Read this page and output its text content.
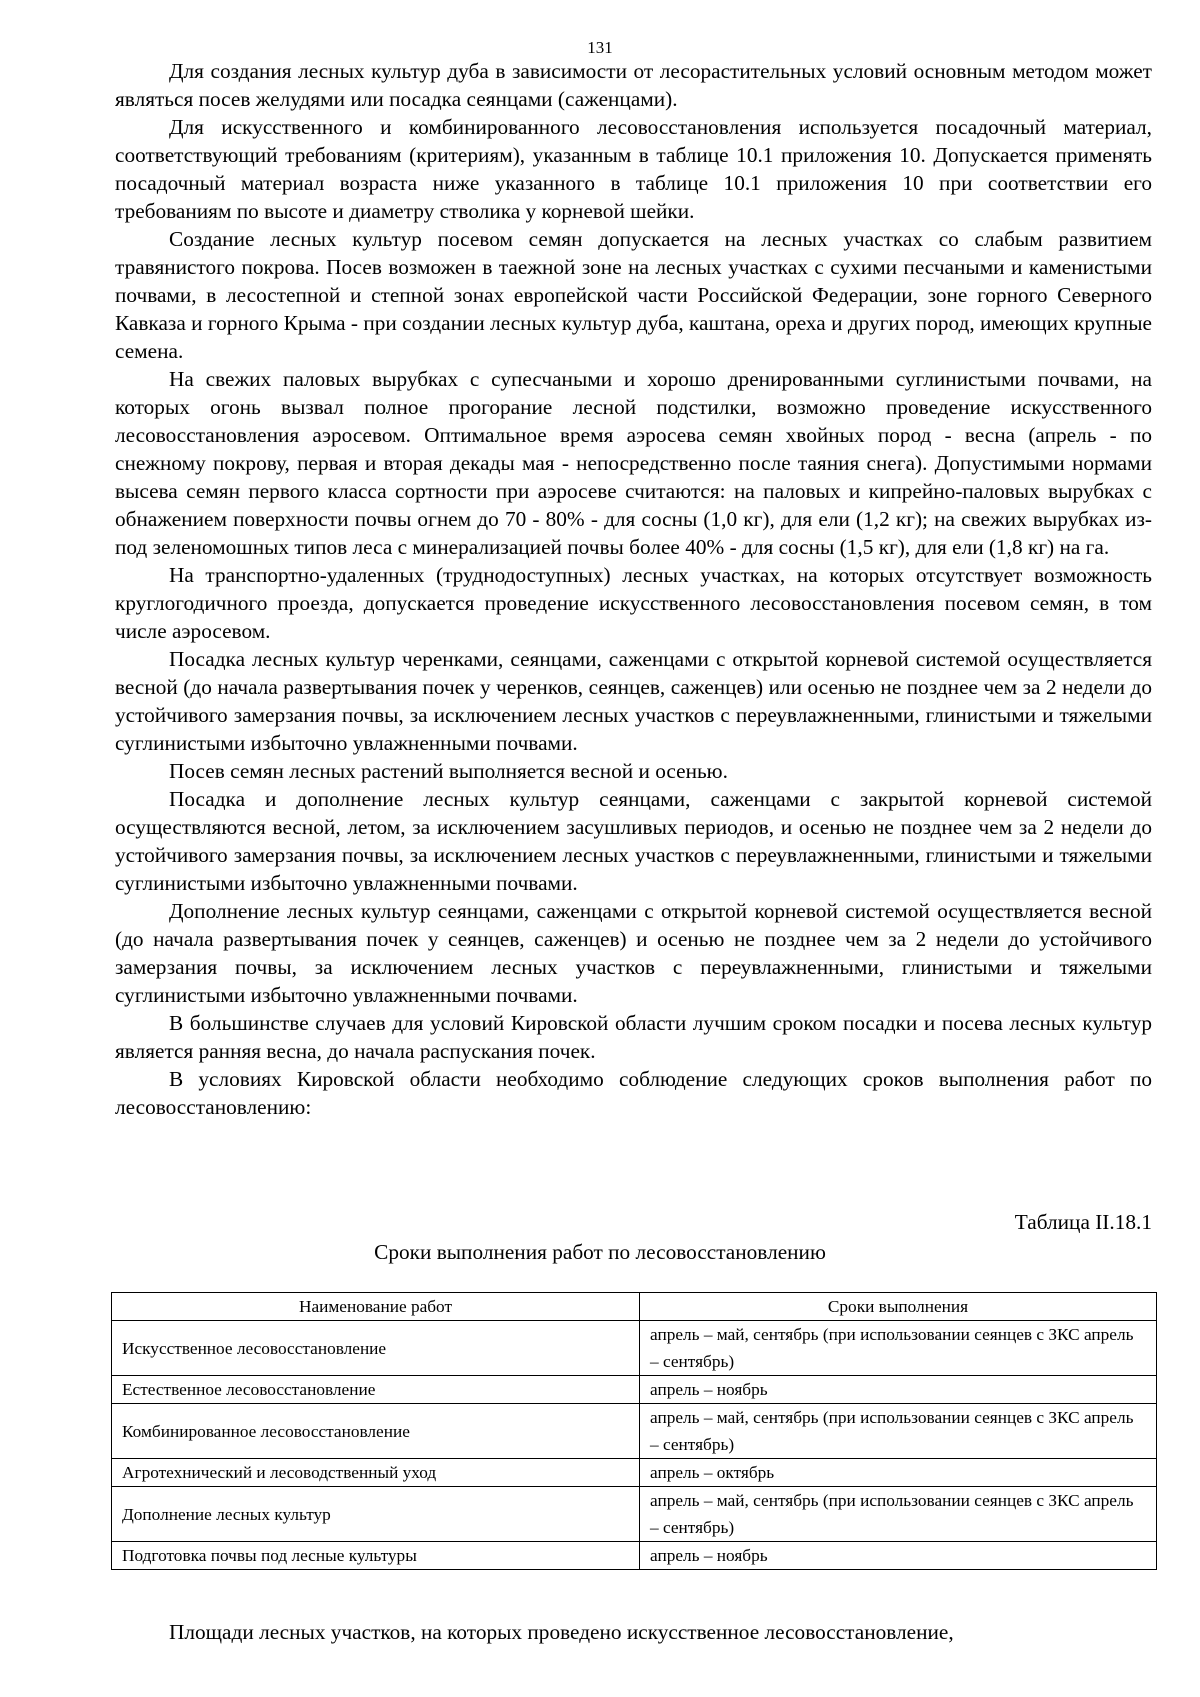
131

Для создания лесных культур дуба в зависимости от лесорастительных условий основным методом может являться посев желудями или посадка сеянцами (саженцами).

Для искусственного и комбинированного лесовосстановления используется посадочный материал, соответствующий требованиям (критериям), указанным в таблице 10.1 приложения 10. Допускается применять посадочный материал возраста ниже указанного в таблице 10.1 приложения 10 при соответствии его требованиям по высоте и диаметру стволика у корневой шейки.

Создание лесных культур посевом семян допускается на лесных участках со слабым развитием травянистого покрова. Посев возможен в таежной зоне на лесных участках с сухими песчаными и каменистыми почвами, в лесостепной и степной зонах европейской части Российской Федерации, зоне горного Северного Кавказа и горного Крыма - при создании лесных культур дуба, каштана, ореха и других пород, имеющих крупные семена.

На свежих паловых вырубках с супесчаными и хорошо дренированными суглинистыми почвами, на которых огонь вызвал полное прогорание лесной подстилки, возможно проведение искусственного лесовосстановления аэросевом. Оптимальное время аэросева семян хвойных пород - весна (апрель - по снежному покрову, первая и вторая декады мая - непосредственно после таяния снега). Допустимыми нормами высева семян первого класса сортности при аэросеве считаются: на паловых и кипрейно-паловых вырубках с обнажением поверхности почвы огнем до 70 - 80% - для сосны (1,0 кг), для ели (1,2 кг); на свежих вырубках из-под зеленомошных типов леса с минерализацией почвы более 40% - для сосны (1,5 кг), для ели (1,8 кг) на га.

На транспортно-удаленных (труднодоступных) лесных участках, на которых отсутствует возможность круглогодичного проезда, допускается проведение искусственного лесовосстановления посевом семян, в том числе аэросевом.

Посадка лесных культур черенками, сеянцами, саженцами с открытой корневой системой осуществляется весной (до начала развертывания почек у черенков, сеянцев, саженцев) или осенью не позднее чем за 2 недели до устойчивого замерзания почвы, за исключением лесных участков с переувлажненными, глинистыми и тяжелыми суглинистыми избыточно увлажненными почвами.

Посев семян лесных растений выполняется весной и осенью.

Посадка и дополнение лесных культур сеянцами, саженцами с закрытой корневой системой осуществляются весной, летом, за исключением засушливых периодов, и осенью не позднее чем за 2 недели до устойчивого замерзания почвы, за исключением лесных участков с переувлажненными, глинистыми и тяжелыми суглинистыми избыточно увлажненными почвами.

Дополнение лесных культур сеянцами, саженцами с открытой корневой системой осуществляется весной (до начала развертывания почек у сеянцев, саженцев) и осенью не позднее чем за 2 недели до устойчивого замерзания почвы, за исключением лесных участков с переувлажненными, глинистыми и тяжелыми суглинистыми избыточно увлажненными почвами.

В большинстве случаев для условий Кировской области лучшим сроком посадки и посева лесных культур является ранняя весна, до начала распускания почек.

В условиях Кировской области необходимо соблюдение следующих сроков выполнения работ по лесовосстановлению:

Таблица II.18.1
Сроки выполнения работ по лесовосстановлению
Наименование работ	Сроки выполнения
Искусственное лесовосстановление	апрель – май, сентябрь (при использовании сеянцев с ЗКС апрель – сентябрь)
Естественное лесовосстановление	апрель – ноябрь
Комбинированное лесовосстановление	апрель – май, сентябрь (при использовании сеянцев с ЗКС апрель – сентябрь)
Агротехнический и лесоводственный уход	апрель – октябрь
Дополнение лесных культур	апрель – май, сентябрь (при использовании сеянцев с ЗКС апрель – сентябрь)
Подготовка почвы под лесные культуры	апрель – ноябрь

Площади лесных участков, на которых проведено искусственное лесовосстановление,
